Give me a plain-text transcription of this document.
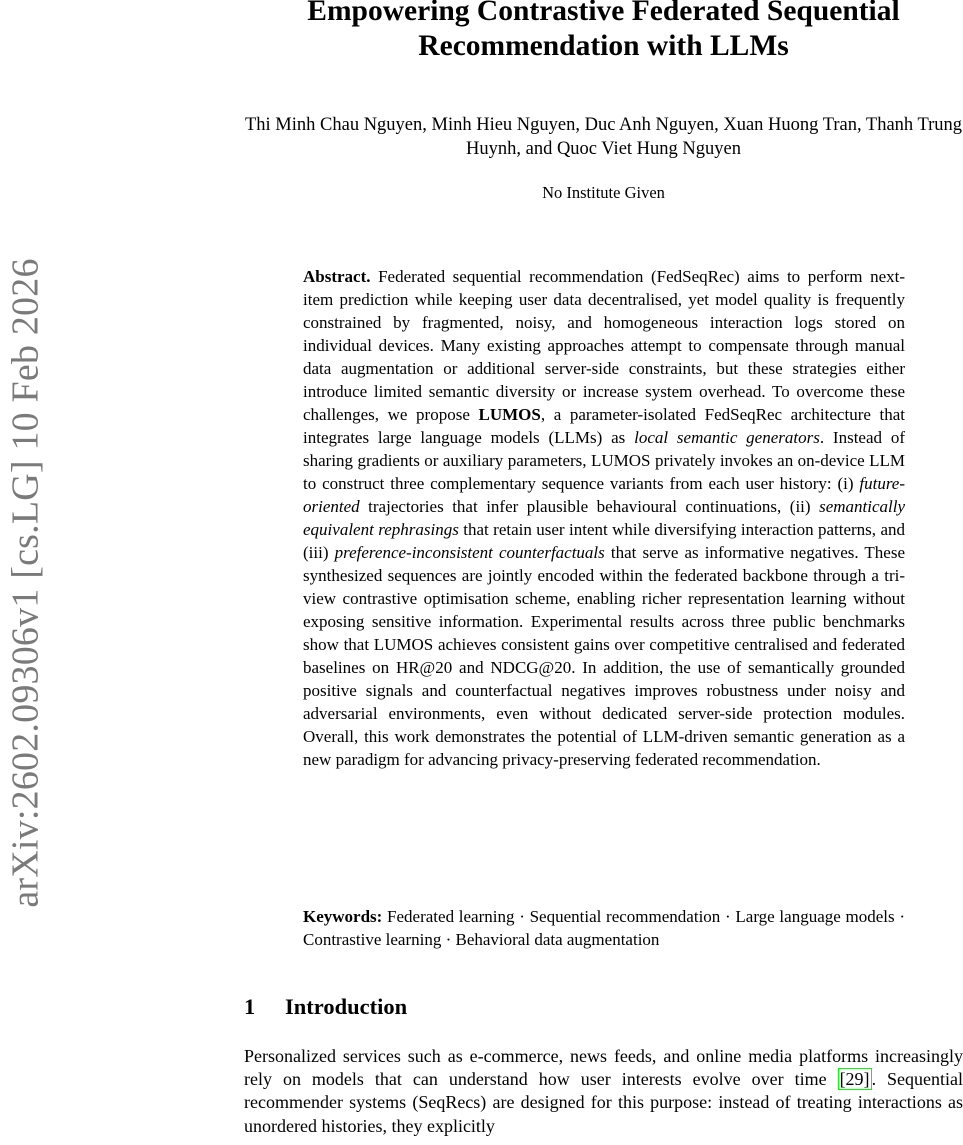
arXiv:2602.09306v1 [cs.LG] 10 Feb 2026
Empowering Contrastive Federated Sequential Recommendation with LLMs

Thi Minh Chau Nguyen, Minh Hieu Nguyen, Duc Anh Nguyen, Xuan Huong Tran, Thanh Trung Huynh, and Quoc Viet Hung Nguyen

No Institute Given

Abstract. Federated sequential recommendation (FedSeqRec) aims to perform next-item prediction while keeping user data decentralised, yet model quality is frequently constrained by fragmented, noisy, and homogeneous interaction logs stored on individual devices. Many existing approaches attempt to compensate through manual data augmentation or additional server-side constraints, but these strategies either introduce limited semantic diversity or increase system overhead. To overcome these challenges, we propose LUMOS, a parameter-isolated FedSeqRec architecture that integrates large language models (LLMs) as local semantic generators. Instead of sharing gradients or auxiliary parameters, LUMOS privately invokes an on-device LLM to construct three complementary sequence variants from each user history: (i) future-oriented trajectories that infer plausible behavioural continuations, (ii) semantically equivalent rephrasings that retain user intent while diversifying interaction patterns, and (iii) preference-inconsistent counterfactuals that serve as informative negatives. These synthesized sequences are jointly encoded within the federated backbone through a tri-view contrastive optimisation scheme, enabling richer representation learning without exposing sensitive information. Experimental results across three public benchmarks show that LUMOS achieves consistent gains over competitive centralised and federated baselines on HR@20 and NDCG@20. In addition, the use of semantically grounded positive signals and counterfactual negatives improves robustness under noisy and adversarial environments, even without dedicated server-side protection modules. Overall, this work demonstrates the potential of LLM-driven semantic generation as a new paradigm for advancing privacy-preserving federated recommendation.

Keywords: Federated learning · Sequential recommendation · Large language models · Contrastive learning · Behavioral data augmentation

1 Introduction

Personalized services such as e-commerce, news feeds, and online media platforms increasingly rely on models that can understand how user interests evolve over time [29] . Sequential recommender systems (SeqRecs) are designed for this purpose: instead of treating interactions as unordered histories, they explicitly
